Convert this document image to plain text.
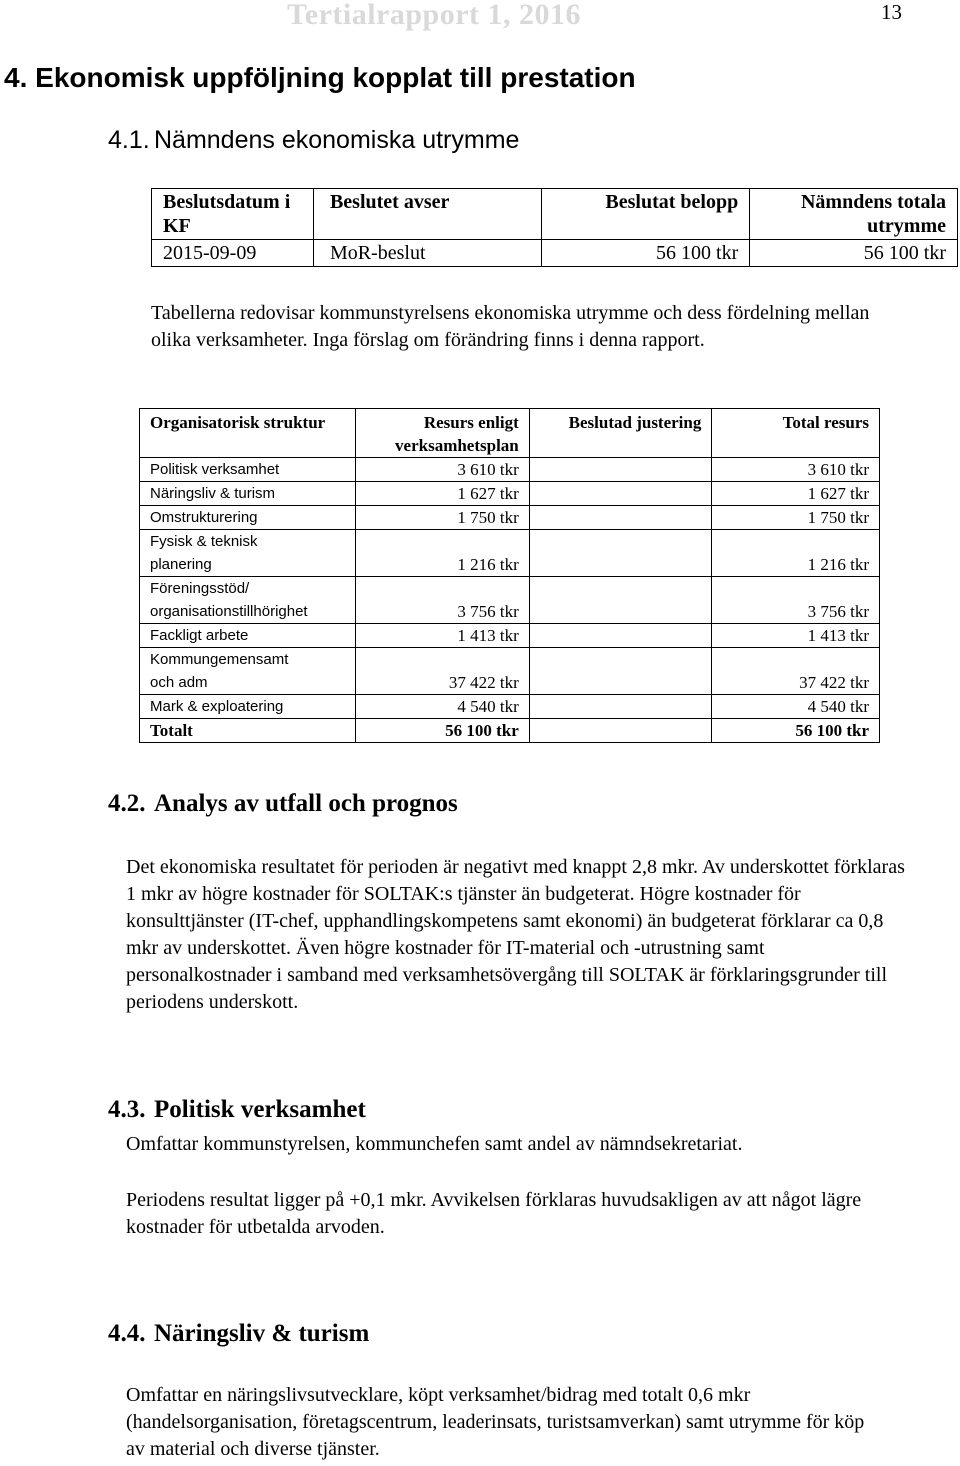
Tertialrapport 1, 2016	13
4. Ekonomisk uppföljning kopplat till prestation
4.1. Nämndens ekonomiska utrymme
Beslutsdatum i KF	Beslutet avser	Beslutat belopp	Nämndens totala utrymme
2015-09-09	MoR-beslut	56 100 tkr	56 100 tkr

Tabellerna redovisar kommunstyrelsens ekonomiska utrymme och dess fördelning mellan olika verksamheter. Inga förslag om förändring finns i denna rapport.

Organisatorisk struktur	Resurs enligt verksamhetsplan	Beslutad justering	Total resurs
Politisk verksamhet	3 610 tkr		3 610 tkr
Näringsliv & turism	1 627 tkr		1 627 tkr
Omstrukturering	1 750 tkr		1 750 tkr
Fysisk & teknisk planering	1 216 tkr		1 216 tkr
Föreningsstöd/ organisationstillhörighet	3 756 tkr		3 756 tkr
Fackligt arbete	1 413 tkr		1 413 tkr
Kommungemensamt och adm	37 422 tkr		37 422 tkr
Mark & exploatering	4 540 tkr		4 540 tkr
Totalt	56 100 tkr		56 100 tkr
4.2. Analys av utfall och prognos

Det ekonomiska resultatet för perioden är negativt med knappt 2,8 mkr. Av underskottet förklaras 1 mkr av högre kostnader för SOLTAK:s tjänster än budgeterat. Högre kostnader för konsulttjänster (IT-chef, upphandlingskompetens samt ekonomi) än budgeterat förklarar ca 0,8 mkr av underskottet. Även högre kostnader för IT-material och -utrustning samt personalkostnader i samband med verksamhetsövergång till SOLTAK är förklaringsgrunder till periodens underskott.

4.3. Politisk verksamhet

Omfattar kommunstyrelsen, kommunchefen samt andel av nämndsekretariat.

Periodens resultat ligger på +0,1 mkr. Avvikelsen förklaras huvudsakligen av att något lägre kostnader för utbetalda arvoden.

4.4. Näringsliv & turism

Omfattar en näringslivsutvecklare, köpt verksamhet/bidrag med totalt 0,6 mkr (handelsorganisation, företagscentrum, leaderinsats, turistsamverkan) samt utrymme för köp av material och diverse tjänster.
